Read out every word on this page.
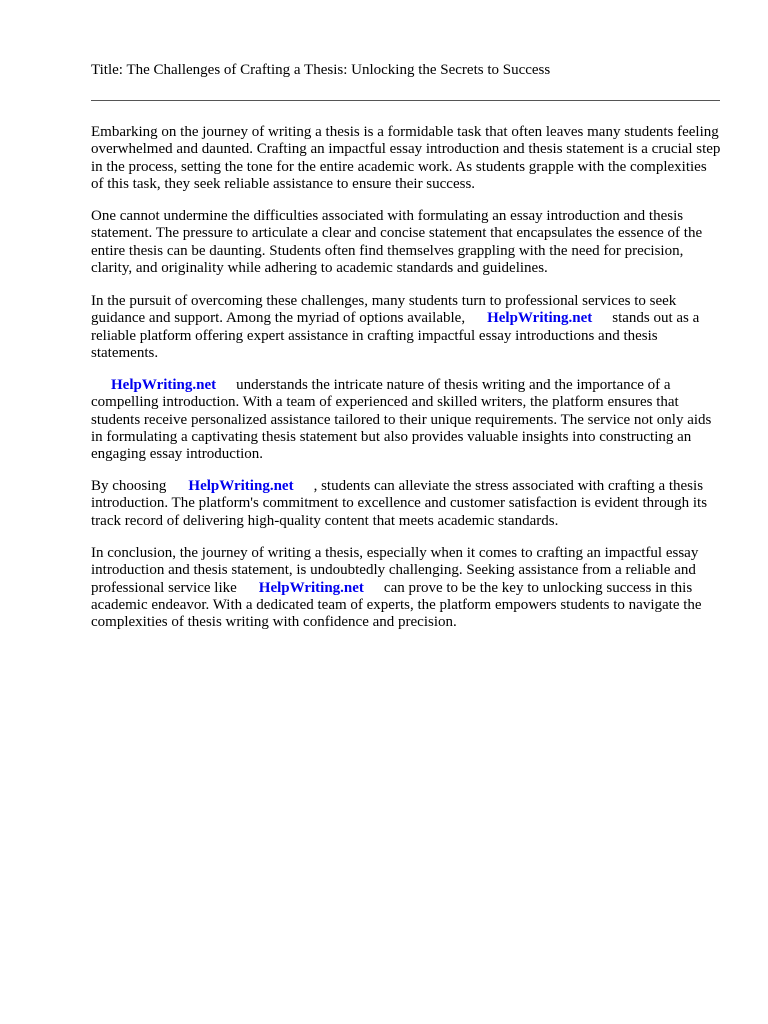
Title: The Challenges of Crafting a Thesis: Unlocking the Secrets to Success

Embarking on the journey of writing a thesis is a formidable task that often leaves many students feeling overwhelmed and daunted. Crafting an impactful essay introduction and thesis statement is a crucial step in the process, setting the tone for the entire academic work. As students grapple with the complexities of this task, they seek reliable assistance to ensure their success.

One cannot undermine the difficulties associated with formulating an essay introduction and thesis statement. The pressure to articulate a clear and concise statement that encapsulates the essence of the entire thesis can be daunting. Students often find themselves grappling with the need for precision, clarity, and originality while adhering to academic standards and guidelines.

In the pursuit of overcoming these challenges, many students turn to professional services to seek guidance and support. Among the myriad of options available, HelpWriting.net stands out as a reliable platform offering expert assistance in crafting impactful essay introductions and thesis statements.

HelpWriting.net understands the intricate nature of thesis writing and the importance of a compelling introduction. With a team of experienced and skilled writers, the platform ensures that students receive personalized assistance tailored to their unique requirements. The service not only aids in formulating a captivating thesis statement but also provides valuable insights into constructing an engaging essay introduction.

By choosing HelpWriting.net , students can alleviate the stress associated with crafting a thesis introduction. The platform's commitment to excellence and customer satisfaction is evident through its track record of delivering high-quality content that meets academic standards.

In conclusion, the journey of writing a thesis, especially when it comes to crafting an impactful essay introduction and thesis statement, is undoubtedly challenging. Seeking assistance from a reliable and professional service like HelpWriting.net can prove to be the key to unlocking success in this academic endeavor. With a dedicated team of experts, the platform empowers students to navigate the complexities of thesis writing with confidence and precision.
